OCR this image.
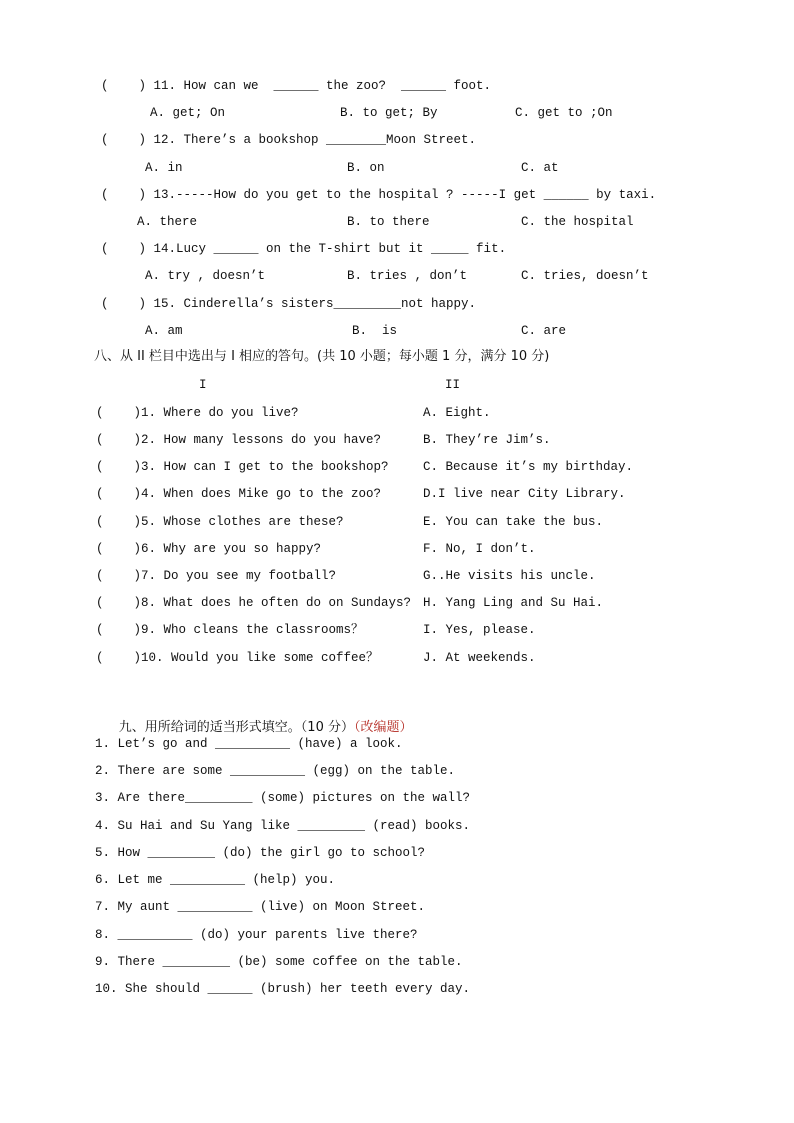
(    ) 11. How can we  ______ the zoo?  ______ foot.
A. get; On	B. to get; By	C. get to ;On
(    ) 12. There’s a bookshop ________Moon Street.
A. in	B. on	C. at
(    ) 13.-----How do you get to the hospital ? -----I get ______ by taxi.
A. there	B. to there	C. the hospital
(    ) 14.Lucy ______ on the T-shirt but it _____ fit.
A. try , doesn’t	B. tries , don’t	C. tries, doesn’t
(    ) 15. Cinderella’s sisters_________not happy.
A. am	B.  is	C. are
八、从 II 栏目中选出与 I 相应的答句。(共 10 小题；每小题 1 分，满分 10 分)
I	II
(    )1. Where do you live?	A. Eight.
(    )2. How many lessons do you have?	B. They’re Jim’s.
(    )3. How can I get to the bookshop?	C. Because it’s my birthday.
(    )4. When does Mike go to the zoo?	D.I live near City Library.
(    )5. Whose clothes are these?	E. You can take the bus.
(    )6. Why are you so happy?	F. No, I don’t.
(    )7. Do you see my football?	G..He visits his uncle.
(    )8. What does he often do on Sundays? H. Yang Ling and Su Hai.
(    )9. Who cleans the classrooms？	I. Yes, please.
(    )10. Would you like some coffee？	J. At weekends.

九、用所给词的适当形式填空。（10 分）（改编题）

1. Let’s go and __________ (have) a look.
2. There are some __________ (egg) on the table.
3. Are there_________ (some) pictures on the wall?
4. Su Hai and Su Yang like _________ (read) books.
5. How _________ (do) the girl go to school?
6. Let me __________ (help) you.
7. My aunt __________ (live) on Moon Street.
8. __________ (do) your parents live there?
9. There _________ (be) some coffee on the table.
10. She should ______ (brush) her teeth every day.
